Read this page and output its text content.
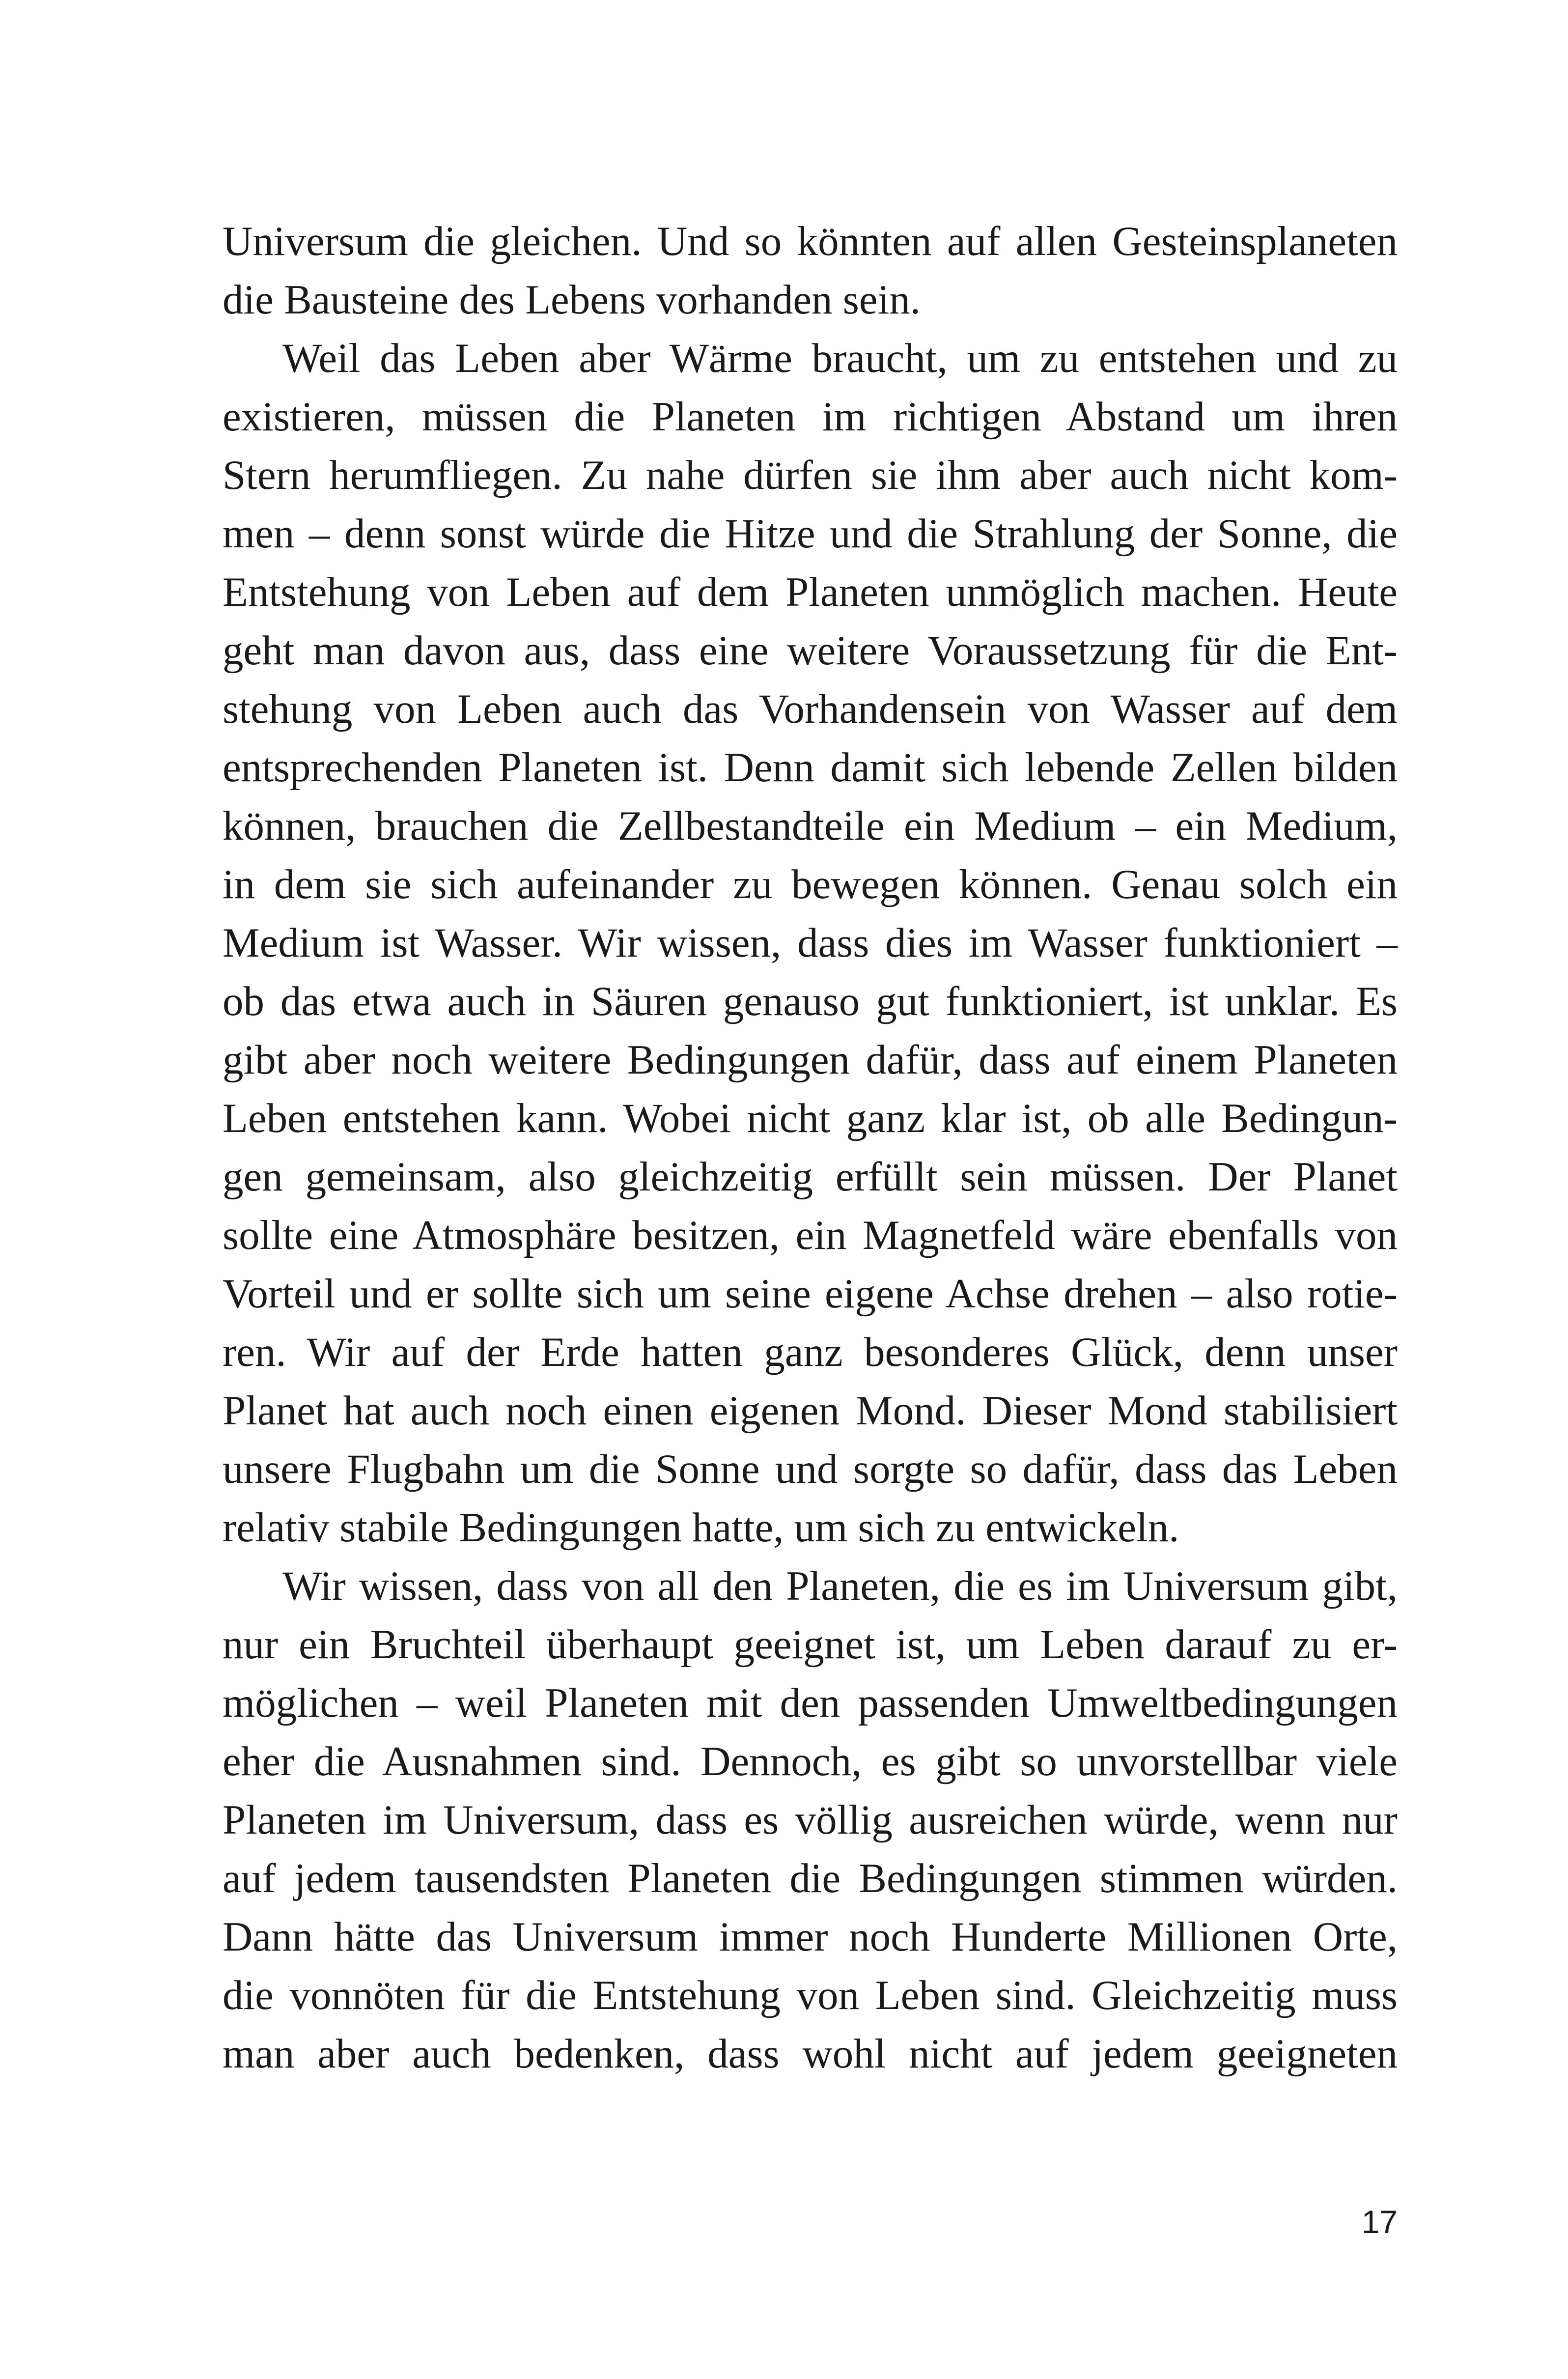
Universum die gleichen. Und so könnten auf allen Gesteinsplaneten
die Bausteine des Lebens vorhanden sein.
Weil das Leben aber Wärme braucht, um zu entstehen und zu
existieren, müssen die Planeten im richtigen Abstand um ihren
Stern herumfliegen. Zu nahe dürfen sie ihm aber auch nicht kom-
men – denn sonst würde die Hitze und die Strahlung der Sonne, die
Entstehung von Leben auf dem Planeten unmöglich machen. Heute
geht man davon aus, dass eine weitere Voraussetzung für die Ent-
stehung von Leben auch das Vorhandensein von Wasser auf dem
entsprechenden Planeten ist. Denn damit sich lebende Zellen bilden
können, brauchen die Zellbestandteile ein Medium – ein Medium,
in dem sie sich aufeinander zu bewegen können. Genau solch ein
Medium ist Wasser. Wir wissen, dass dies im Wasser funktioniert –
ob das etwa auch in Säuren genauso gut funktioniert, ist unklar. Es
gibt aber noch weitere Bedingungen dafür, dass auf einem Planeten
Leben entstehen kann. Wobei nicht ganz klar ist, ob alle Bedingun-
gen gemeinsam, also gleichzeitig erfüllt sein müssen. Der Planet
sollte eine Atmosphäre besitzen, ein Magnetfeld wäre ebenfalls von
Vorteil und er sollte sich um seine eigene Achse drehen – also rotie-
ren. Wir auf der Erde hatten ganz besonderes Glück, denn unser
Planet hat auch noch einen eigenen Mond. Dieser Mond stabilisiert
unsere Flugbahn um die Sonne und sorgte so dafür, dass das Leben
relativ stabile Bedingungen hatte, um sich zu entwickeln.
Wir wissen, dass von all den Planeten, die es im Universum gibt,
nur ein Bruchteil überhaupt geeignet ist, um Leben darauf zu er-
möglichen – weil Planeten mit den passenden Umweltbedingungen
eher die Ausnahmen sind. Dennoch, es gibt so unvorstellbar viele
Planeten im Universum, dass es völlig ausreichen würde, wenn nur
auf jedem tausendsten Planeten die Bedingungen stimmen würden.
Dann hätte das Universum immer noch Hunderte Millionen Orte,
die vonnöten für die Entstehung von Leben sind. Gleichzeitig muss
man aber auch bedenken, dass wohl nicht auf jedem geeigneten
17
